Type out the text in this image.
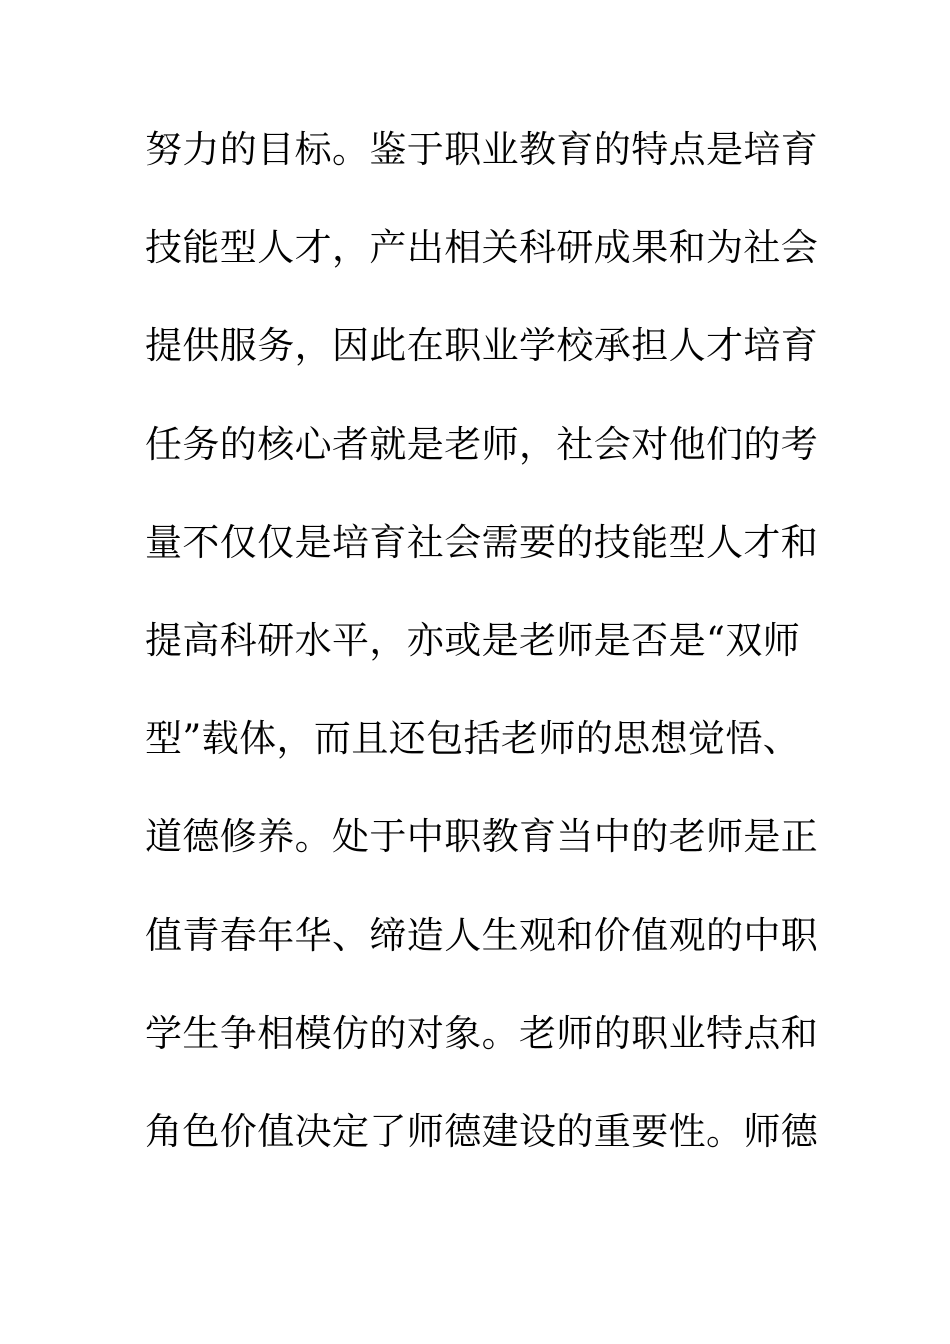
努力的目标。鉴于职业教育的特点是培育
技能型人才，产出相关科研成果和为社会
提供服务，因此在职业学校承担人才培育
任务的核心者就是老师，社会对他们的考
量不仅仅是培育社会需要的技能型人才和
提高科研水平，亦或是老师是否是“双师
型”载体，而且还包括老师的思想觉悟、
道德修养。处于中职教育当中的老师是正
值青春年华、缔造人生观和价值观的中职
学生争相模仿的对象。老师的职业特点和
角色价值决定了师德建设的重要性。师德
